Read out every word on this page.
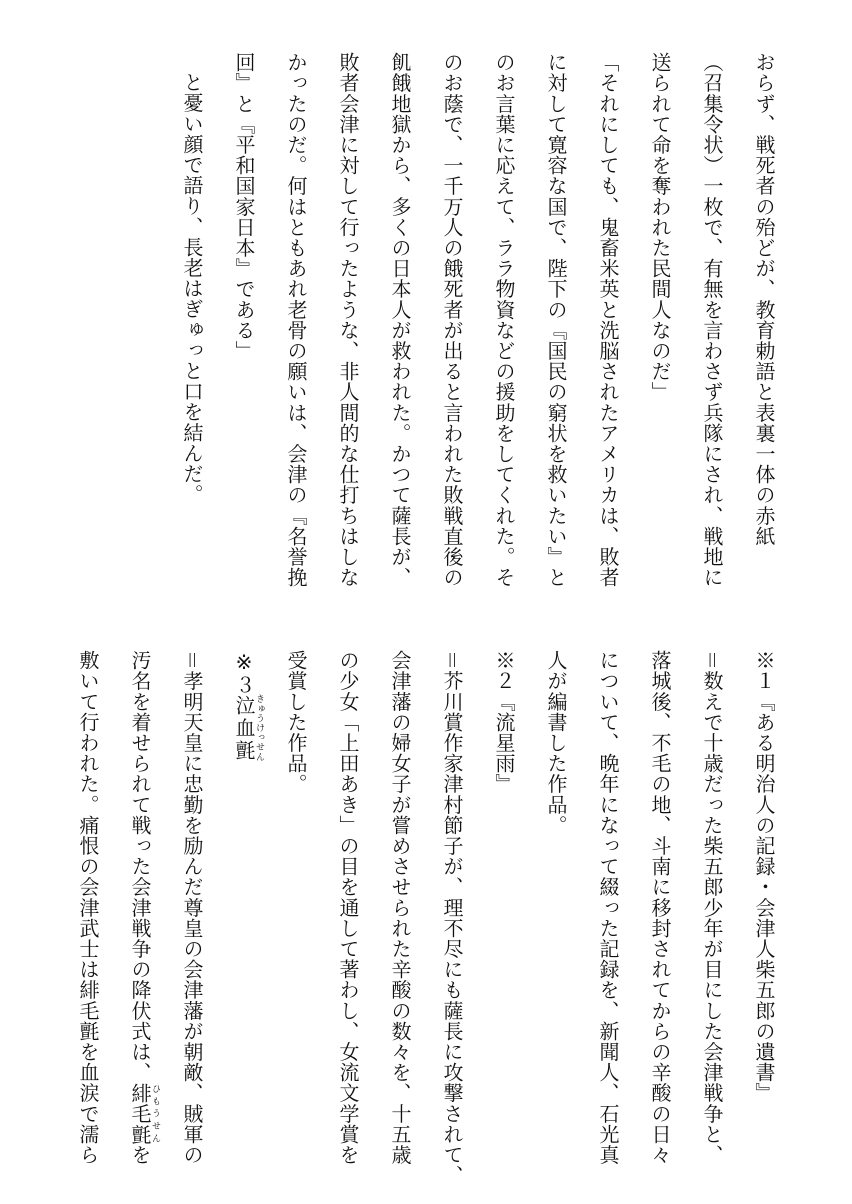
おらず、戦死者の殆どが、教育勅語と表裏一体の赤紙
（召集令状）一枚で、有無を言わさず兵隊にされ、戦地に
送られて命を奪われた民間人なのだ」
「それにしても、鬼畜米英と洗脳されたアメリカは、敗者
に対して寛容な国で、陛下の『国民の窮状を救いたい』と
のお言葉に応えて、ララ物資などの援助をしてくれた。そ
のお蔭で、一千万人の餓死者が出ると言われた敗戦直後の
飢餓地獄から、多くの日本人が救われた。かつて薩長が、
敗者会津に対して行ったような、非人間的な仕打ちはしな
かったのだ。何はともあれ老骨の願いは、会津の『名誉挽
回』と『平和国家日本』である」
と憂い顔で語り、長老はぎゅっと口を結んだ。
※１『ある明治人の記録・会津人柴五郎の遺書』
＝数えで十歳だった柴五郎少年が目にした会津戦争と、
落城後、不毛の地、斗南に移封されてからの辛酸の日々
について、晩年になって綴った記録を、新聞人、石光真
人が編書した作品。
※２『流星雨』
＝芥川賞作家津村節子が、理不尽にも薩長に攻撃されて、
会津藩の婦女子が嘗めさせられた辛酸の数々を、十五歳
の少女「上田あき」の目を通して著わし、女流文学賞を
受賞した作品。
※３泣血氈きゅうけっせん
＝孝明天皇に忠勤を励んだ尊皇の会津藩が朝敵、賊軍の
汚名を着せられて戦った会津戦争の降伏式は、緋毛氈ひもうせんを
敷いて行われた。痛恨の会津武士は緋毛氈を血涙で濡ら
